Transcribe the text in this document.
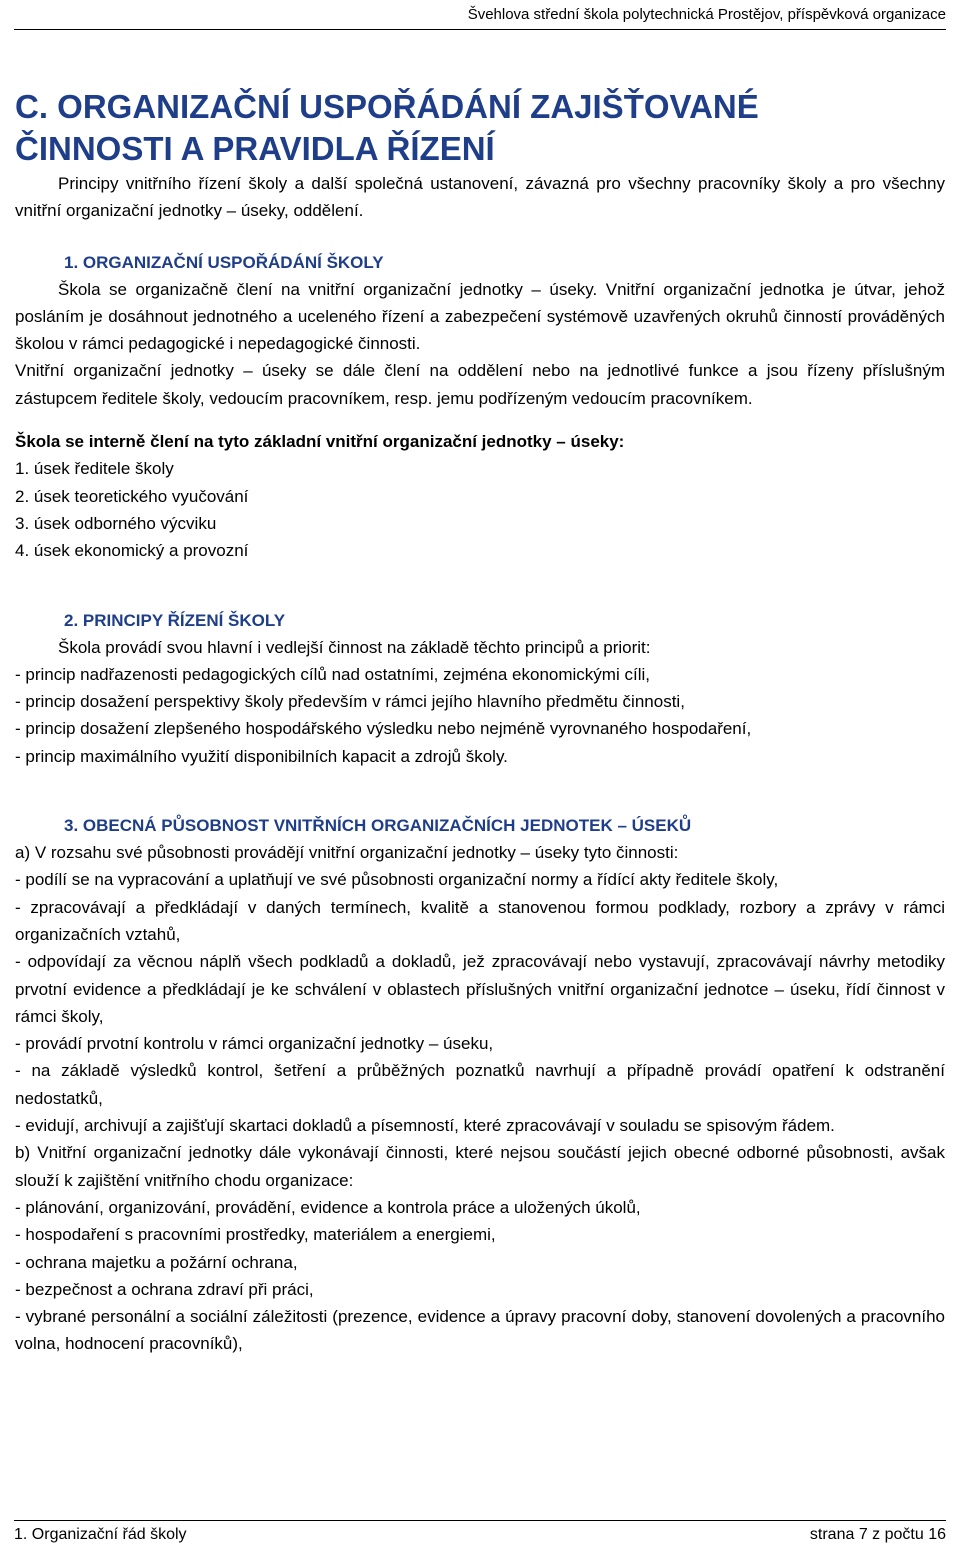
Švehlova střední škola polytechnická Prostějov, příspěvková organizace
C. ORGANIZAČNÍ USPOŘÁDÁNÍ ZAJIŠŤOVANÉ
ČINNOSTI A PRAVIDLA ŘÍZENÍ

Principy vnitřního řízení školy a další společná ustanovení, závazná pro všechny pracovníky školy a pro všechny vnitřní organizační jednotky – úseky, oddělení.

1. ORGANIZAČNÍ USPOŘÁDÁNÍ ŠKOLY

Škola se organizačně člení na vnitřní organizační jednotky – úseky. Vnitřní organizační jednotka je útvar, jehož posláním je dosáhnout jednotného a uceleného řízení a zabezpečení systémově uzavřených okruhů činností prováděných školou v rámci pedagogické i nepedagogické činnosti.

Vnitřní organizační jednotky – úseky se dále člení na oddělení nebo na jednotlivé funkce a jsou řízeny příslušným zástupcem ředitele školy, vedoucím pracovníkem, resp. jemu podřízeným vedoucím pracovníkem.

Škola se interně člení na tyto základní vnitřní organizační jednotky – úseky:

1. úsek ředitele školy

2. úsek teoretického vyučování

3. úsek odborného výcviku

4. úsek ekonomický a provozní

2. PRINCIPY ŘÍZENÍ ŠKOLY

Škola provádí svou hlavní i vedlejší činnost na základě těchto principů a priorit:

- princip nadřazenosti pedagogických cílů nad ostatními, zejména ekonomickými cíli,

- princip dosažení perspektivy školy především v rámci jejího hlavního předmětu činnosti,

- princip dosažení zlepšeného hospodářského výsledku nebo nejméně vyrovnaného hospodaření,

- princip maximálního využití disponibilních kapacit a zdrojů školy.

3. OBECNÁ PŮSOBNOST VNITŘNÍCH ORGANIZAČNÍCH JEDNOTEK – ÚSEKŮ

a) V rozsahu své působnosti provádějí vnitřní organizační jednotky – úseky tyto činnosti:

- podílí se na vypracování a uplatňují ve své působnosti organizační normy a řídící akty ředitele školy,

- zpracovávají a předkládají v daných termínech, kvalitě a stanovenou formou podklady, rozbory a zprávy v rámci organizačních vztahů,

- odpovídají za věcnou náplň všech podkladů a dokladů, jež zpracovávají nebo vystavují, zpracovávají návrhy metodiky prvotní evidence a předkládají je ke schválení v oblastech příslušných vnitřní organizační jednotce – úseku, řídí činnost v rámci školy,

- provádí prvotní kontrolu v rámci organizační jednotky – úseku,

- na základě výsledků kontrol, šetření a průběžných poznatků navrhují a případně provádí opatření k odstranění nedostatků,

- evidují, archivují a zajišťují skartaci dokladů a písemností, které zpracovávají v souladu se spisovým řádem.

b) Vnitřní organizační jednotky dále vykonávají činnosti, které nejsou součástí jejich obecné odborné působnosti, avšak slouží k zajištění vnitřního chodu organizace:

- plánování, organizování, provádění, evidence a kontrola práce a uložených úkolů,

- hospodaření s pracovními prostředky, materiálem a energiemi,

- ochrana majetku a požární ochrana,

- bezpečnost a ochrana zdraví při práci,

- vybrané personální a sociální záležitosti (prezence, evidence a úpravy pracovní doby, stanovení dovolených a pracovního volna, hodnocení pracovníků),

1. Organizační řád školy	strana 7 z počtu 16
